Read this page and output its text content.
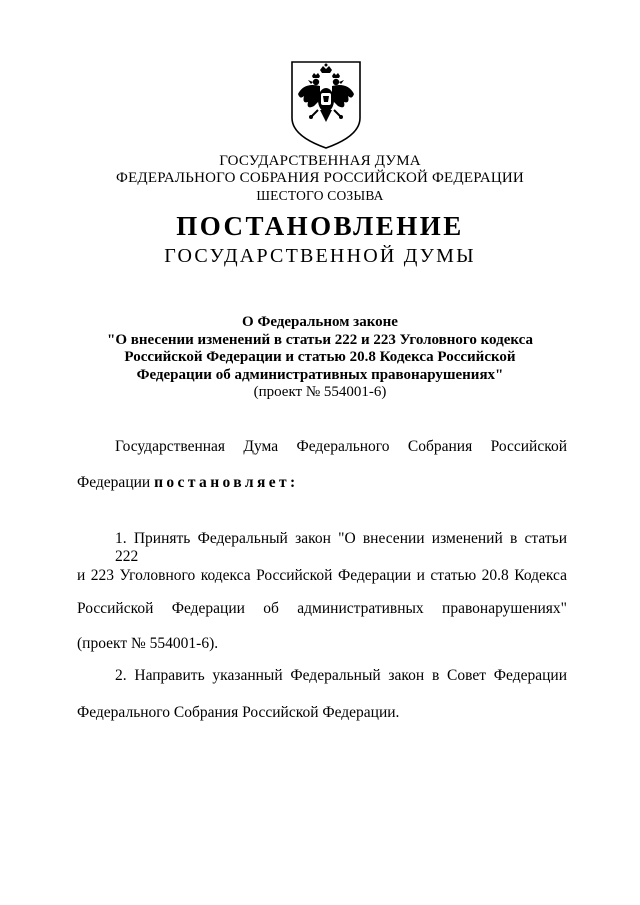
ГОСУДАРСТВЕННАЯ ДУМА
ФЕДЕРАЛЬНОГО СОБРАНИЯ РОССИЙСКОЙ ФЕДЕРАЦИИ
ШЕСТОГО СОЗЫВА
ПОСТАНОВЛЕНИЕ
ГОСУДАРСТВЕННОЙ ДУМЫ
О Федеральном законе
"О внесении изменений в статьи 222 и 223 Уголовного кодекса
Российской Федерации и статью 20.8 Кодекса Российской
Федерации об административных правонарушениях"
(проект № 554001-6)
Государственная Дума Федерального Собрания Российской
Федерации постановляет:
1. Принять Федеральный закон "О внесении изменений в статьи 222
и 223 Уголовного кодекса Российской Федерации и статью 20.8 Кодекса
Российской Федерации об административных правонарушениях"
(проект № 554001-6).
2. Направить указанный Федеральный закон в Совет Федерации
Федерального Собрания Российской Федерации.
